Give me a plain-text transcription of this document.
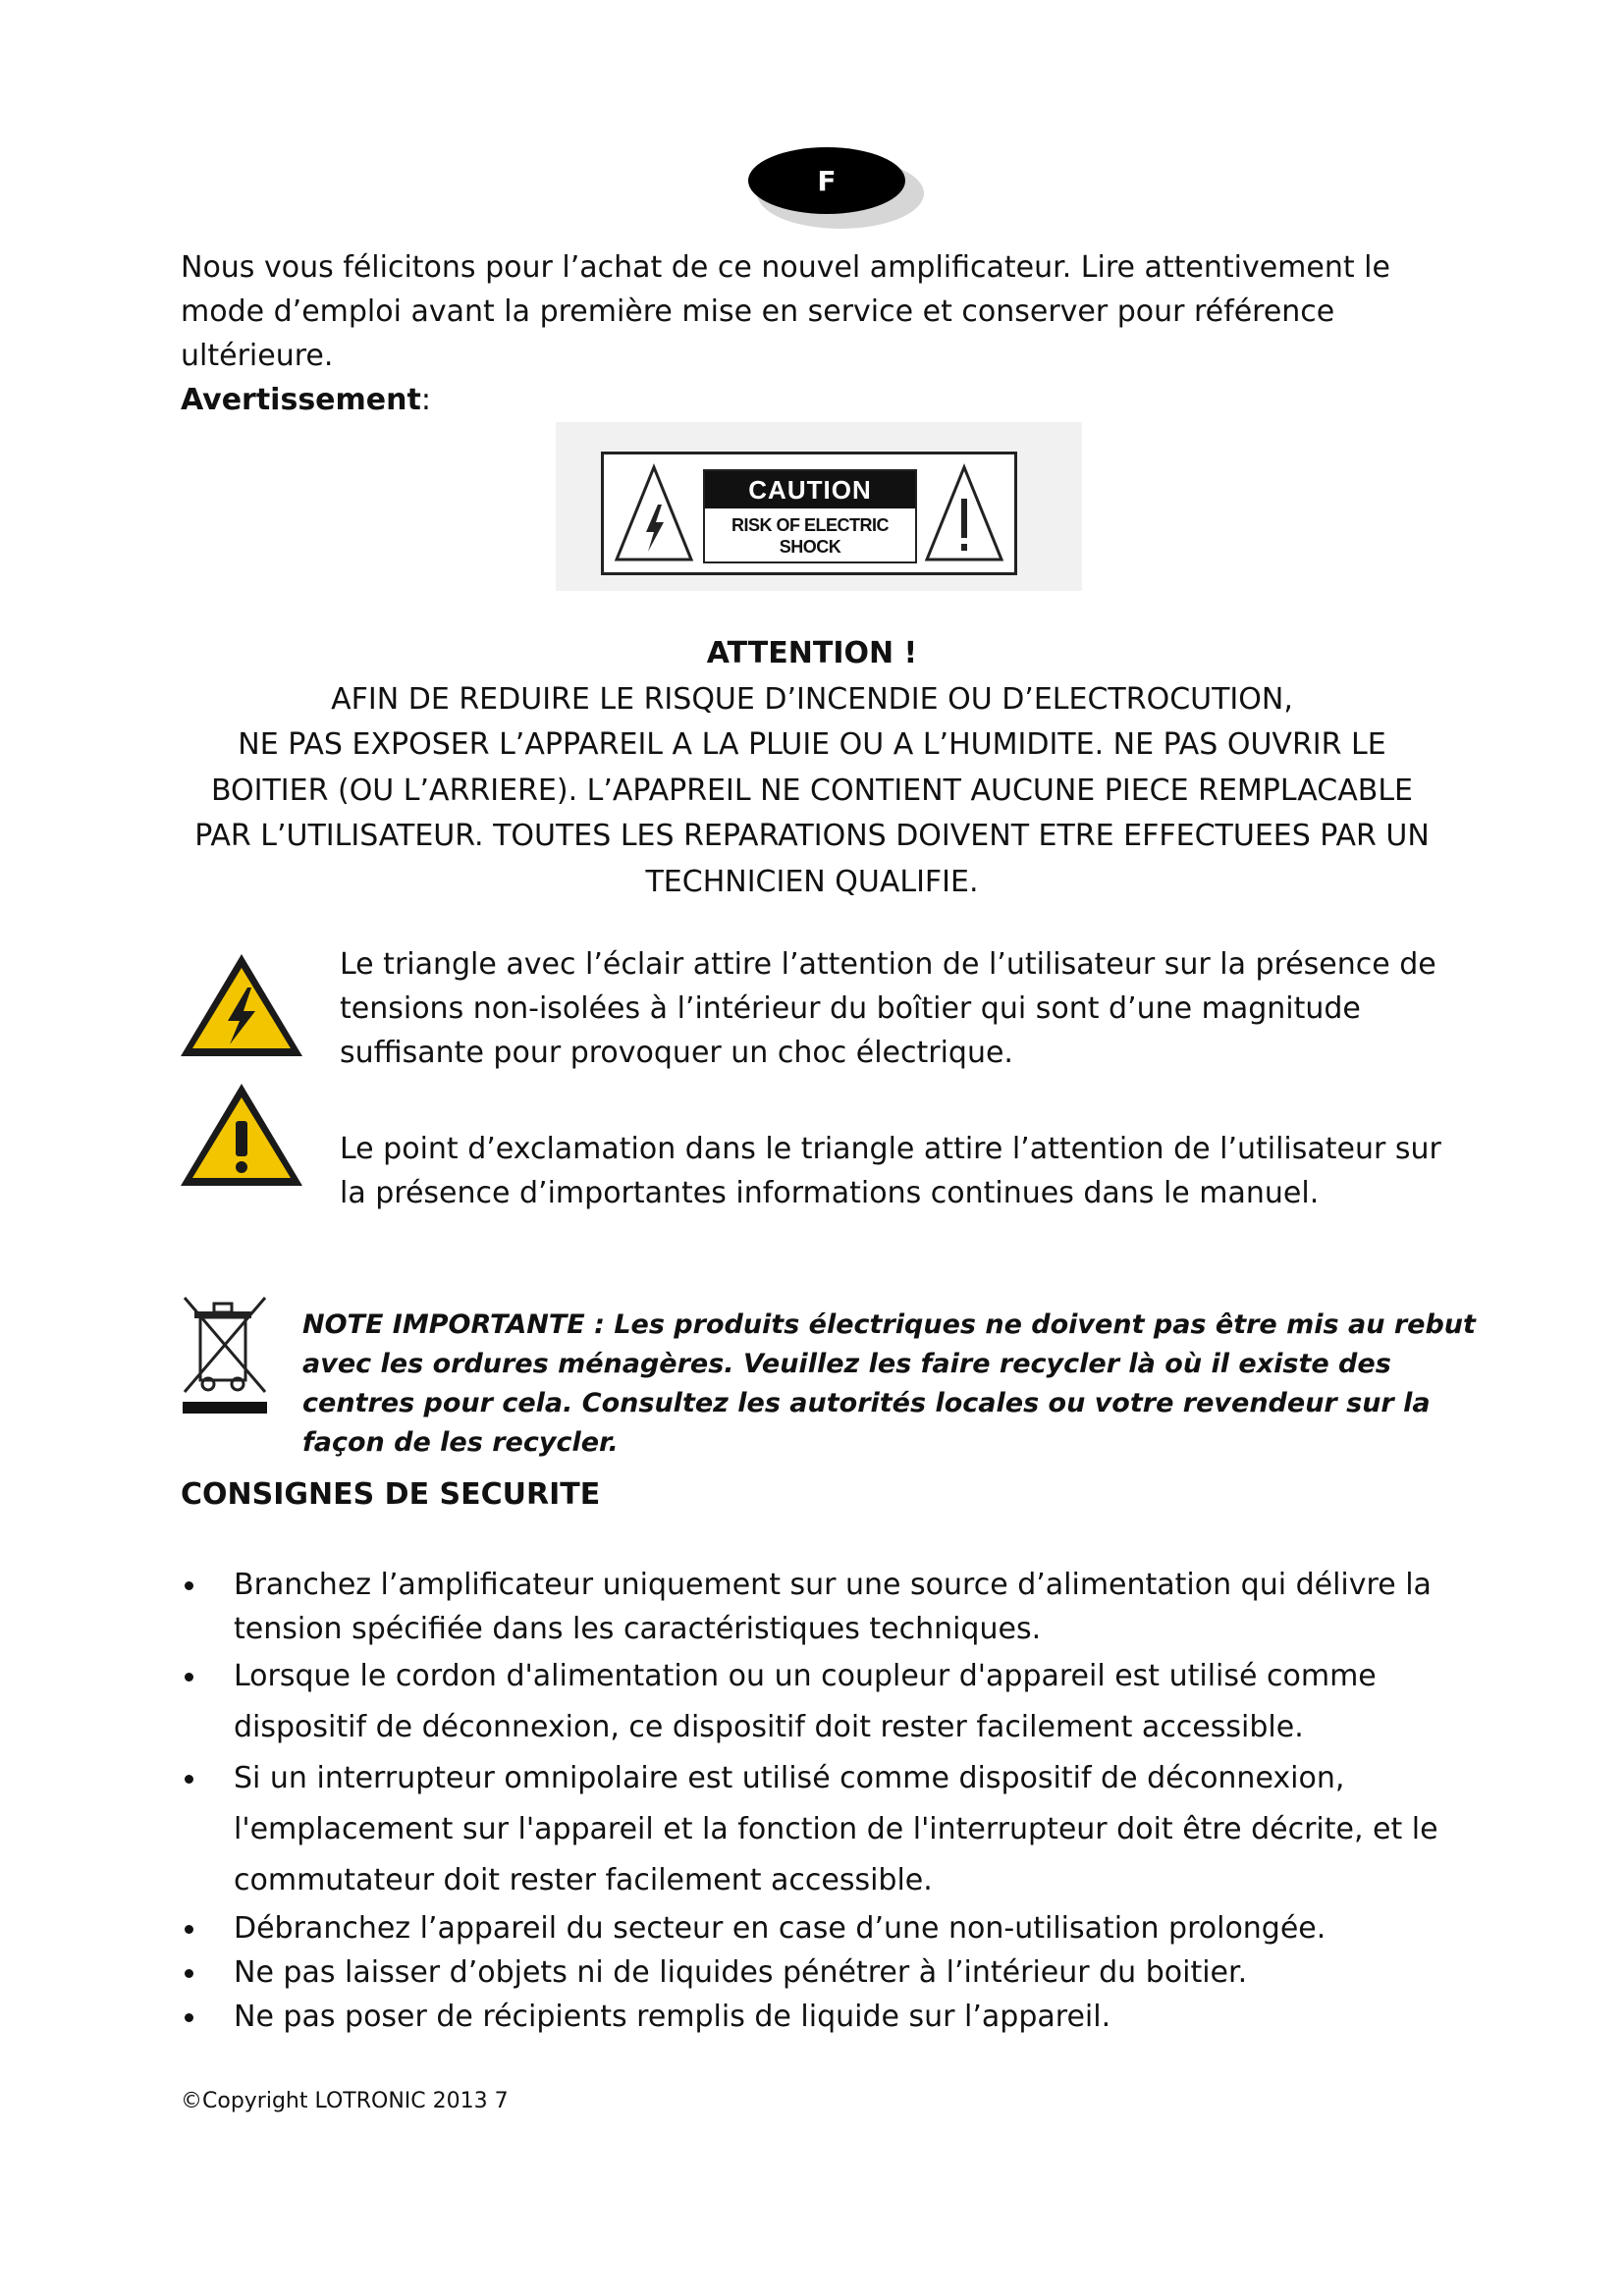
F
Nous vous félicitons pour l’achat de ce nouvel amplificateur. Lire attentivement le mode d’emploi avant la première mise en service et conserver pour référence ultérieure.
Avertissement:
CAUTION
RISK OF ELECTRIC
SHOCK
ATTENTION !
AFIN DE REDUIRE LE RISQUE D’INCENDIE OU D’ELECTROCUTION,
NE PAS EXPOSER L’APPAREIL A LA PLUIE OU A L’HUMIDITE. NE PAS OUVRIR LE
BOITIER (OU L’ARRIERE). L’APAPREIL NE CONTIENT AUCUNE PIECE REMPLACABLE
PAR L’UTILISATEUR. TOUTES LES REPARATIONS DOIVENT ETRE EFFECTUEES PAR UN
TECHNICIEN QUALIFIE.
Le triangle avec l’éclair attire l’attention de l’utilisateur sur la présence de tensions non-isolées à l’intérieur du boîtier qui sont d’une magnitude suffisante pour provoquer un choc électrique.
Le point d’exclamation dans le triangle attire l’attention de l’utilisateur sur la présence d’importantes informations continues dans le manuel.
NOTE IMPORTANTE : Les produits électriques ne doivent pas être mis au rebut avec les ordures ménagères. Veuillez les faire recycler là où il existe des centres pour cela. Consultez les autorités locales ou votre revendeur sur la façon de les recycler.
CONSIGNES DE SECURITE
Branchez l’amplificateur uniquement sur une source d’alimentation qui délivre la tension spécifiée dans les caractéristiques techniques.
Lorsque le cordon d'alimentation ou un coupleur d'appareil est utilisé comme dispositif de déconnexion, ce dispositif doit rester facilement accessible.
Si un interrupteur omnipolaire est utilisé comme dispositif de déconnexion, l'emplacement sur l'appareil et la fonction de l'interrupteur doit être décrite, et le commutateur doit rester facilement accessible.
Débranchez l’appareil du secteur en case d’une non-utilisation prolongée.
Ne pas laisser d’objets ni de liquides pénétrer à l’intérieur du boitier.
Ne pas poser de récipients remplis de liquide sur l’appareil.
©Copyright LOTRONIC 2013 7
